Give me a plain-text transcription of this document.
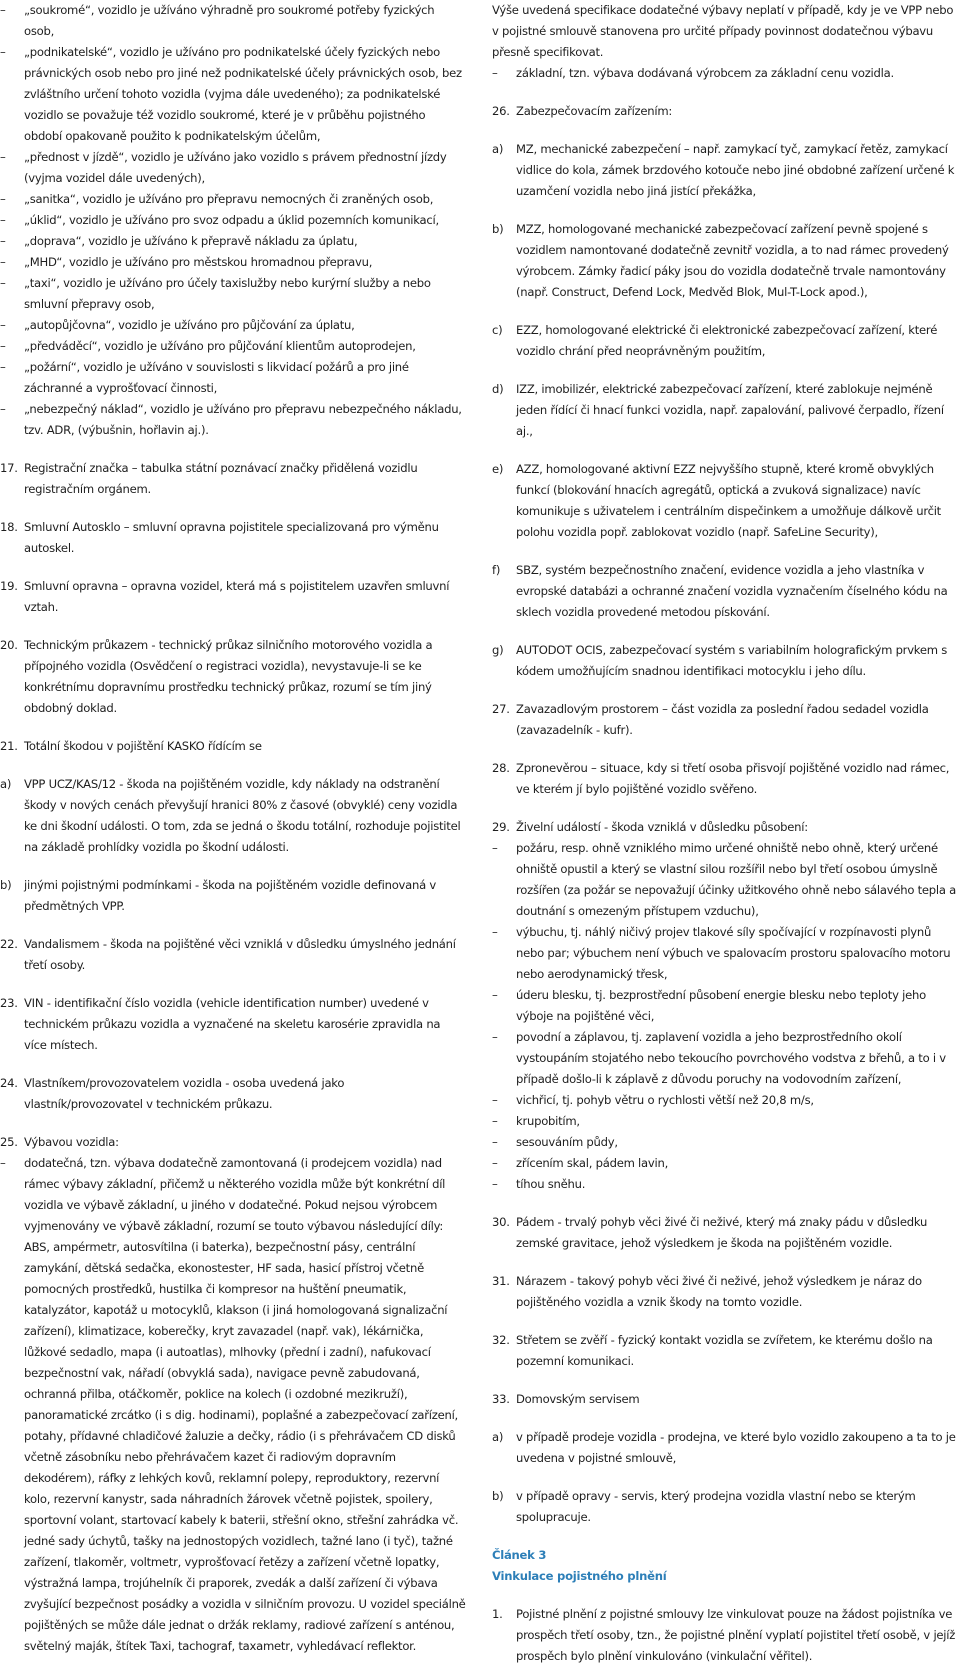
– „soukromé“, vozidlo je užíváno výhradně pro soukromé potřeby fyzických osob,
– „podnikatelské“, vozidlo je užíváno pro podnikatelské účely fyzických nebo právnických osob nebo pro jiné než podnikatelské účely právnických osob, bez zvláštního určení tohoto vozidla (vyjma dále uvedeného); za podnikatelské vozidlo se považuje též vozidlo soukromé, které je v průběhu pojistného období opakovaně použito k podnikatelským účelům,
– „přednost v jízdě“, vozidlo je užíváno jako vozidlo s právem přednostní jízdy (vyjma vozidel dále uvedených),
– „sanitka“, vozidlo je užíváno pro přepravu nemocných či zraněných osob,
– „úklid“, vozidlo je užíváno pro svoz odpadu a úklid pozemních komunikací,
– „doprava“, vozidlo je užíváno k přepravě nákladu za úplatu,
– „MHD“, vozidlo je užíváno pro městskou hromadnou přepravu,
– „taxi“, vozidlo je užíváno pro účely taxislužby nebo kurýrní služby a nebo smluvní přepravy osob,
– „autopůjčovna“, vozidlo je užíváno pro půjčování za úplatu,
– „předváděcí“, vozidlo je užíváno pro půjčování klientům autoprodejen,
– „požární“, vozidlo je užíváno v souvislosti s likvidací požárů a pro jiné záchranné a vyprošťovací činnosti,
– „nebezpečný náklad“, vozidlo je užíváno pro přepravu nebezpečného nákladu, tzv. ADR, (výbušnin, hořlavin aj.).
17. Registrační značka – tabulka státní poznávací značky přidělená vozidlu registračním orgánem.
18. Smluvní Autosklo – smluvní opravna pojistitele specializovaná pro výměnu autoskel.
19. Smluvní opravna – opravna vozidel, která má s pojistitelem uzavřen smluvní vztah.
20. Technickým průkazem - technický průkaz silničního motorového vozidla a přípojného vozidla (Osvědčení o registraci vozidla), nevystavuje-li se ke konkrétnímu dopravnímu prostředku technický průkaz, rozumí se tím jiný obdobný doklad.
21. Totální škodou v pojištění KASKO řídícím se
a) VPP UCZ/KAS/12 - škoda na pojištěném vozidle, kdy náklady na odstranění škody v nových cenách převyšují hranici 80% z časové (obvyklé) ceny vozidla ke dni škodní události. O tom, zda se jedná o škodu totální, rozhoduje pojistitel na základě prohlídky vozidla po škodní události.
b) jinými pojistnými podmínkami - škoda na pojištěném vozidle definovaná v předmětných VPP.
22. Vandalismem - škoda na pojištěné věci vzniklá v důsledku úmyslného jednání třetí osoby.
23. VIN - identifikační číslo vozidla (vehicle identification number) uvedené v technickém průkazu vozidla a vyznačené na skeletu karosérie zpravidla na více místech.
24. Vlastníkem/provozovatelem vozidla - osoba uvedená jako vlastník/provozovatel v technickém průkazu.
25. Výbavou vozidla:
– dodatečná, tzn. výbava dodatečně zamontovaná (i prodejcem vozidla) nad rámec výbavy základní, přičemž u některého vozidla může být konkrétní díl vozidla ve výbavě základní, u jiného v dodatečné. Pokud nejsou výrobcem vyjmenovány ve výbavě základní, rozumí se touto výbavou následující díly: ABS, ampérmetr, autosvítilna (i baterka), bezpečnostní pásy, centrální zamykání, dětská sedačka, ekonostester, HF sada, hasicí přístroj včetně pomocných prostředků, hustilka či kompresor na huštění pneumatik, katalyzátor, kapotáž u motocyklů, klakson (i jiná homologovaná signalizační zařízení), klimatizace, koberečky, kryt zavazadel (např. vak), lékárnička, lůžkové sedadlo, mapa (i autoatlas), mlhovky (přední i zadní), nafukovací bezpečnostní vak, nářadí (obvyklá sada), navigace pevně zabudovaná, ochranná přilba, otáčkoměr, poklice na kolech (i ozdobné mezikruží), panoramatické zrcátko (i s dig. hodinami), poplašné a zabezpečovací zařízení, potahy, přídavné chladičové žaluzie a dečky, rádio (i s přehrávačem CD disků včetně zásobníku nebo přehrávačem kazet či radiovým dopravním dekodérem), ráfky z lehkých kovů, reklamní polepy, reproduktory, rezervní kolo, rezervní kanystr, sada náhradních žárovek včetně pojistek, spoilery, sportovní volant, startovací kabely k baterii, střešní okno, střešní zahrádka vč. jedné sady úchytů, tašky na jednostopých vozidlech, tažné lano (i tyč), tažné zařízení, tlakoměr, voltmetr, vyprošťovací řetězy a zařízení včetně lopatky, výstražná lampa, trojúhelník či praporek, zvedák a další zařízení či výbava zvyšující bezpečnost posádky a vozidla v silničním provozu. U vozidel speciálně pojištěných se může dále jednat o držák reklamy, radiové zařízení s anténou, světelný maják, štítek Taxi, tachograf, taxametr, vyhledávací reflektor.
Výše uvedená specifikace dodatečné výbavy neplatí v případě, kdy je ve VPP nebo v pojistné smlouvě stanovena pro určité případy povinnost dodatečnou výbavu přesně specifikovat.
– základní, tzn. výbava dodávaná výrobcem za základní cenu vozidla.
26. Zabezpečovacím zařízením:
a) MZ, mechanické zabezpečení – např. zamykací tyč, zamykací řetěz, zamykací vidlice do kola, zámek brzdového kotouče nebo jiné obdobné zařízení určené k uzamčení vozidla nebo jiná jistící překážka,
b) MZZ, homologované mechanické zabezpečovací zařízení pevně spojené s vozidlem namontované dodatečně zevnitř vozidla, a to nad rámec provedený výrobcem. Zámky řadicí páky jsou do vozidla dodatečně trvale namontovány (např. Construct, Defend Lock, Medvěd Blok, Mul-T-Lock apod.),
c) EZZ, homologované elektrické či elektronické zabezpečovací zařízení, které vozidlo chrání před neoprávněným použitím,
d) IZZ, imobilizér, elektrické zabezpečovací zařízení, které zablokuje nejméně jeden řídící či hnací funkci vozidla, např. zapalování, palivové čerpadlo, řízení aj.,
e) AZZ, homologované aktivní EZZ nejvyššího stupně, které kromě obvyklých funkcí (blokování hnacích agregátů, optická a zvuková signalizace) navíc komunikuje s uživatelem i centrálním dispečinkem a umožňuje dálkově určit polohu vozidla popř. zablokovat vozidlo (např. SafeLine Security),
f) SBZ, systém bezpečnostního značení, evidence vozidla a jeho vlastníka v evropské databázi a ochranné značení vozidla vyznačením číselného kódu na sklech vozidla provedené metodou pískování.
g) AUTODOT OCIS, zabezpečovací systém s variabilním holografickým prvkem s kódem umožňujícím snadnou identifikaci motocyklu i jeho dílu.
27. Zavazadlovým prostorem – část vozidla za poslední řadou sedadel vozidla (zavazadelník - kufr).
28. Zpronevěrou – situace, kdy si třetí osoba přisvojí pojištěné vozidlo nad rámec, ve kterém jí bylo pojištěné vozidlo svěřeno.
29. Živelní událostí - škoda vzniklá v důsledku působení:
– požáru, resp. ohně vzniklého mimo určené ohniště nebo ohně, který určené ohniště opustil a který se vlastní silou rozšířil nebo byl třetí osobou úmyslně rozšířen (za požár se nepovažují účinky užitkového ohně nebo sálavého tepla a doutnání s omezeným přístupem vzduchu),
– výbuchu, tj. náhlý ničivý projev tlakové síly spočívající v rozpínavosti plynů nebo par; výbuchem není výbuch ve spalovacím prostoru spalovacího motoru nebo aerodynamický třesk,
– úderu blesku, tj. bezprostřední působení energie blesku nebo teploty jeho výboje na pojištěné věci,
– povodní a záplavou, tj. zaplavení vozidla a jeho bezprostředního okolí vystoupáním stojatého nebo tekoucího povrchového vodstva z břehů, a to i v případě došlo-li k záplavě z důvodu poruchy na vodovodním zařízení,
– vichřicí, tj. pohyb větru o rychlosti větší než 20,8 m/s,
– krupobitím,
– sesouváním půdy,
– zřícením skal, pádem lavin,
– tíhou sněhu.
30. Pádem - trvalý pohyb věci živé či neživé, který má znaky pádu v důsledku zemské gravitace, jehož výsledkem je škoda na pojištěném vozidle.
31. Nárazem - takový pohyb věci živé či neživé, jehož výsledkem je náraz do pojištěného vozidla a vznik škody na tomto vozidle.
32. Střetem se zvěří - fyzický kontakt vozidla se zvířetem, ke kterému došlo na pozemní komunikaci.
33. Domovským servisem
a) v případě prodeje vozidla - prodejna, ve které bylo vozidlo zakoupeno a ta to je uvedena v pojistné smlouvě,
b) v případě opravy - servis, který prodejna vozidla vlastní nebo se kterým spolupracuje.
Článek 3
Vinkulace pojistného plnění
1. Pojistné plnění z pojistné smlouvy lze vinkulovat pouze na žádost pojistníka ve prospěch třetí osoby, tzn., že pojistné plnění vyplatí pojistitel třetí osobě, v jejíž prospěch bylo plnění vinkulováno (vinkulační věřitel).
